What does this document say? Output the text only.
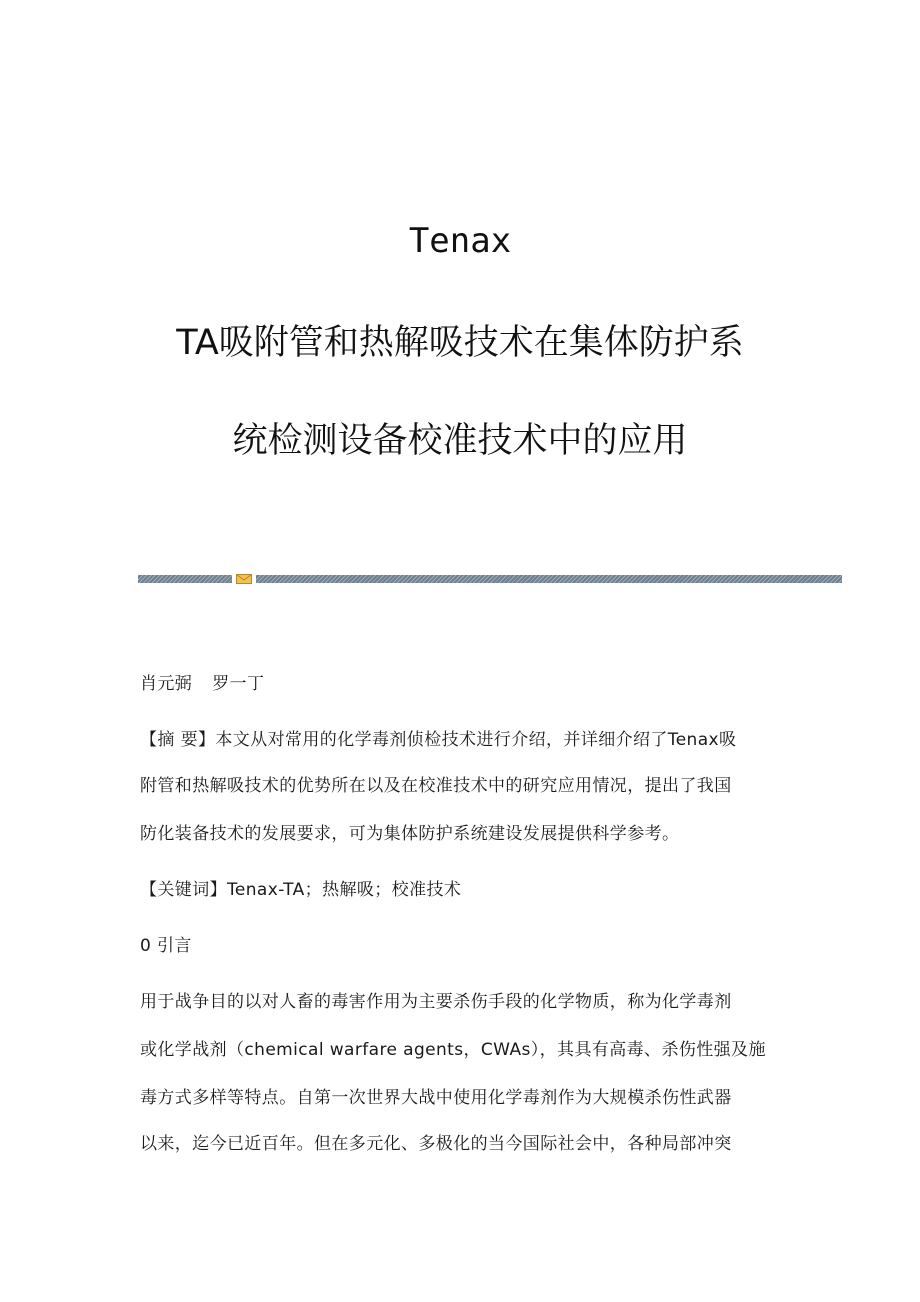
Tenax
TA吸附管和热解吸技术在集体防护系
统检测设备校准技术中的应用
肖元弼 罗一丁
【摘 要】本文从对常用的化学毒剂侦检技术进行介绍，并详细介绍了Tenax吸
附管和热解吸技术的优势所在以及在校准技术中的研究应用情况，提出了我国
防化装备技术的发展要求，可为集体防护系统建设发展提供科学参考。
【关键词】Tenax-TA；热解吸；校准技术
0 引言
用于战争目的以对人畜的毒害作用为主要杀伤手段的化学物质，称为化学毒剂
或化学战剂（chemical warfare agents，CWAs），其具有高毒、杀伤性强及施
毒方式多样等特点。自第一次世界大战中使用化学毒剂作为大规模杀伤性武器
以来，迄今已近百年。但在多元化、多极化的当今国际社会中，各种局部冲突
